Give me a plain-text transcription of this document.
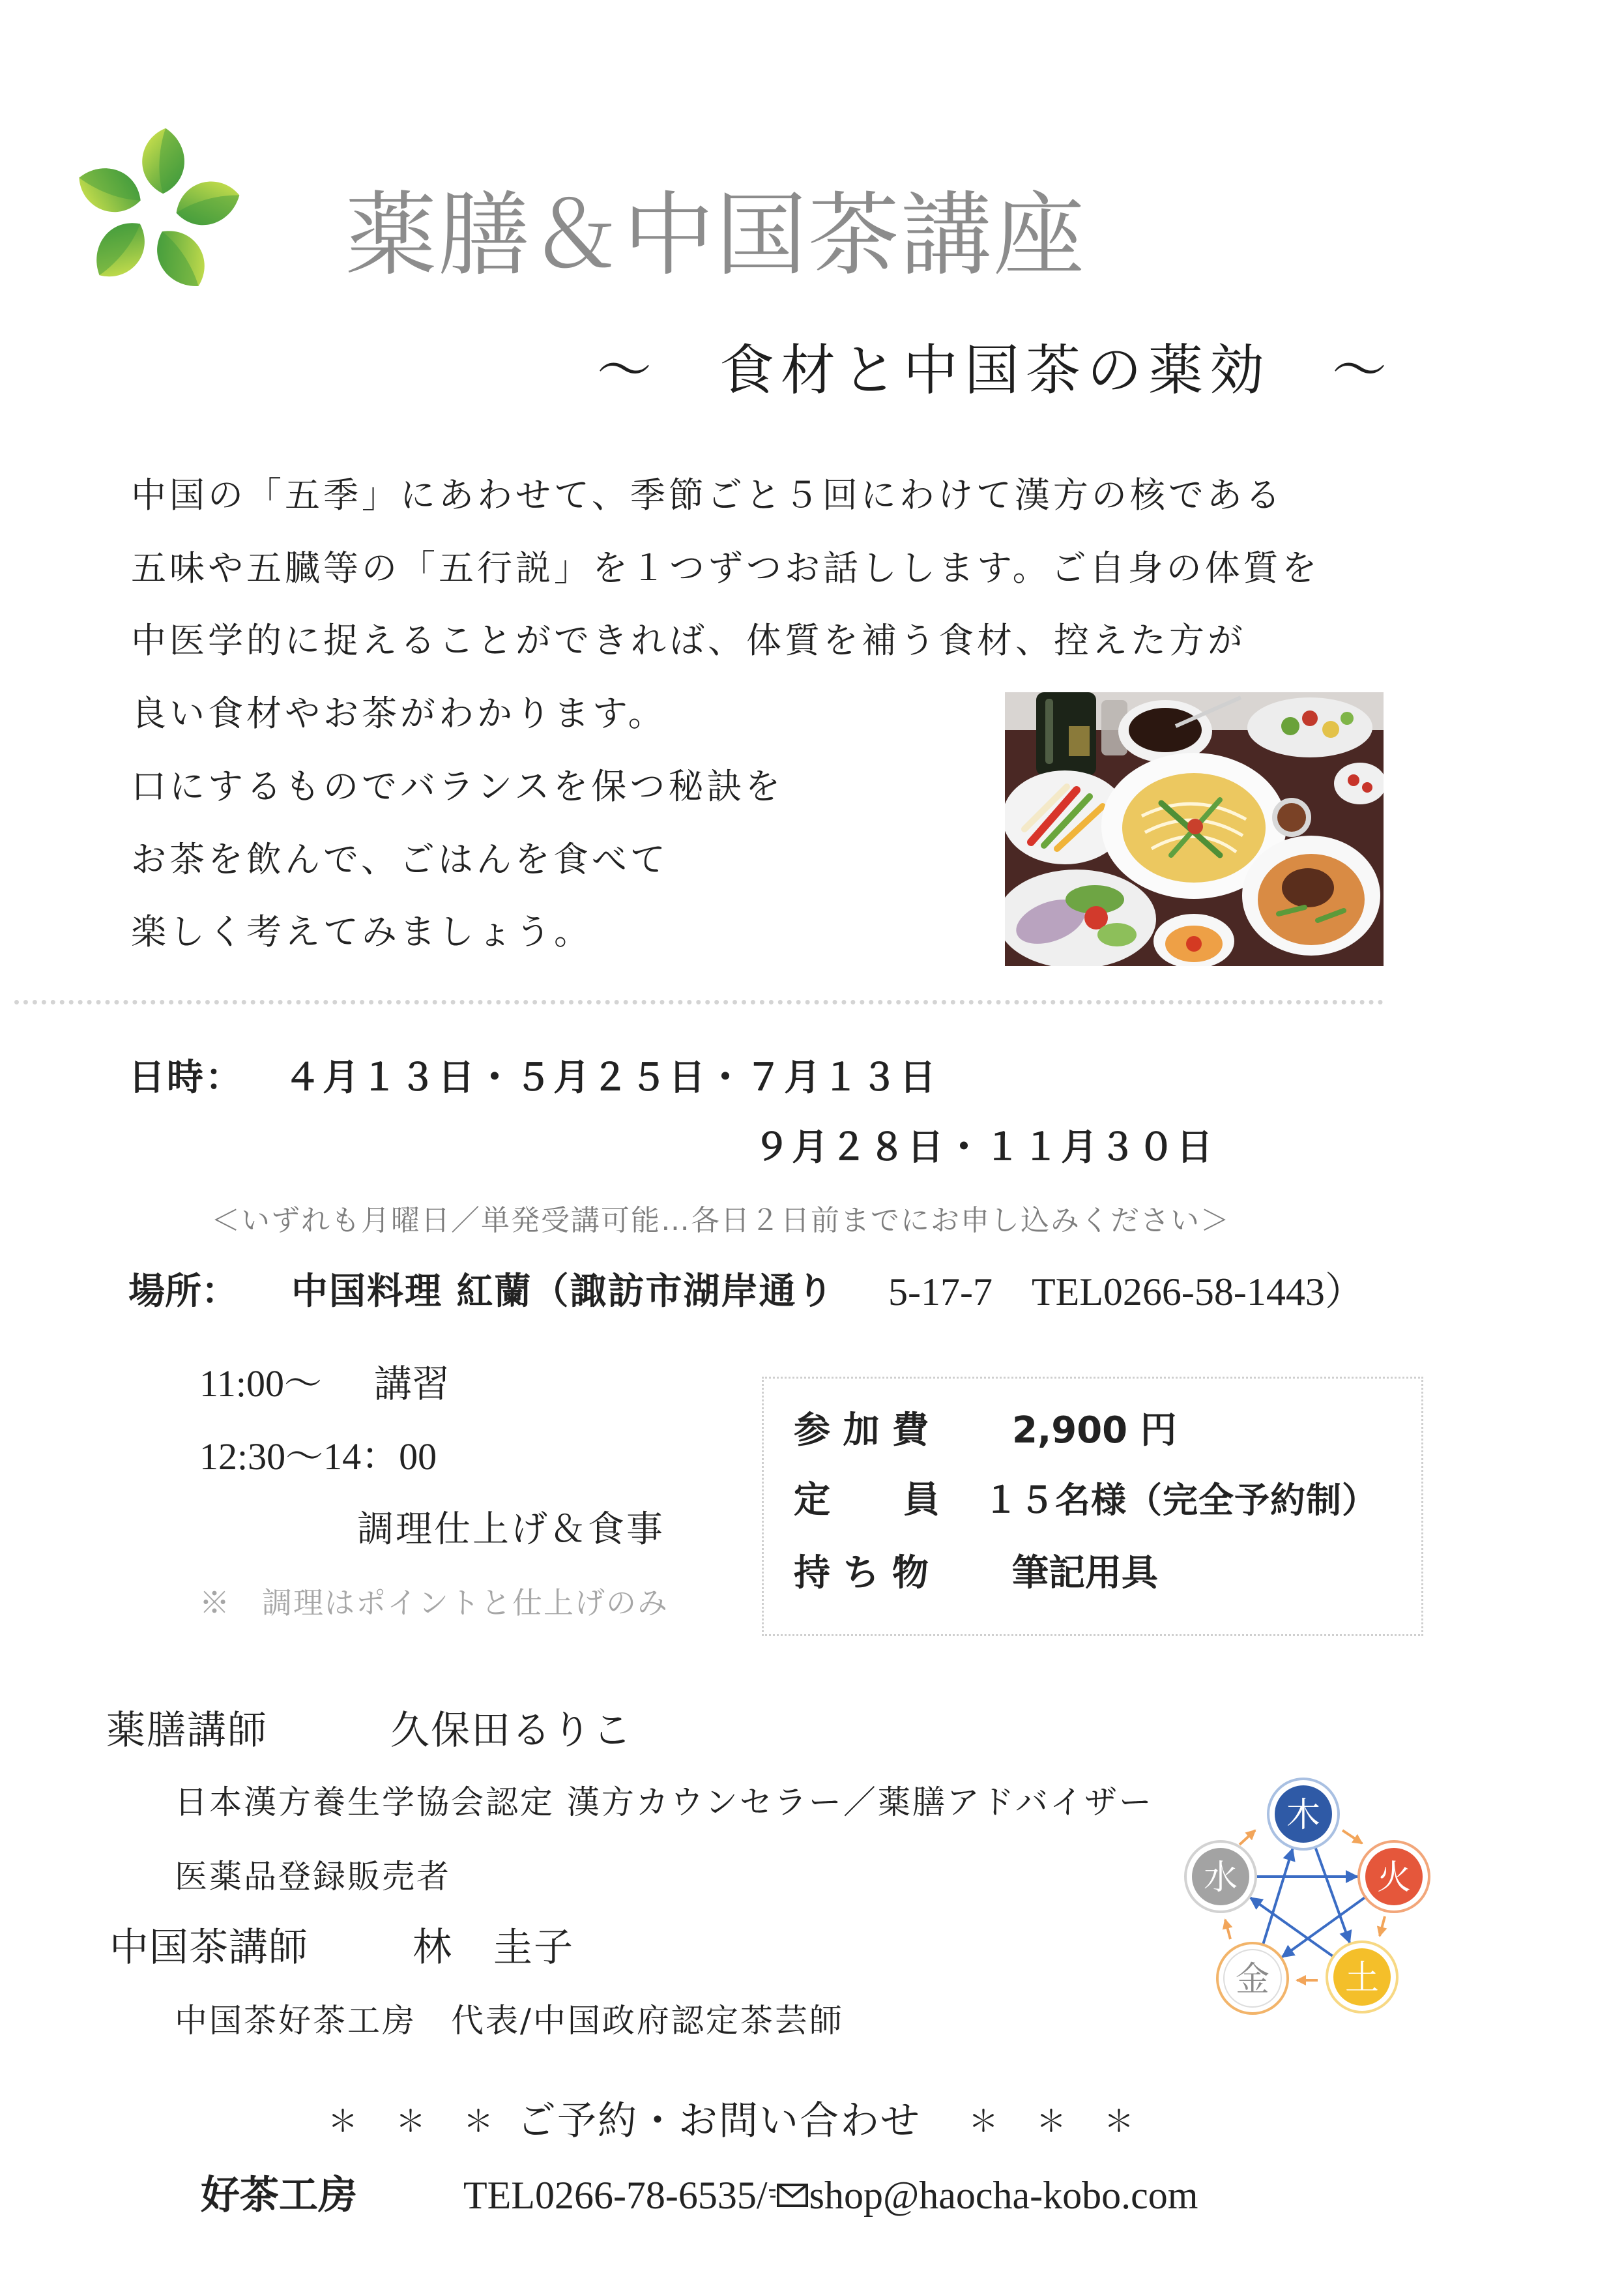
薬膳＆中国茶講座
～　食材と中国茶の薬効　～
中国の「五季」にあわせて、季節ごと５回にわけて漢方の核である
五味や五臓等の「五行説」を１つずつお話しします。ご自身の体質を
中医学的に捉えることができれば、体質を補う食材、控えた方が
良い食材やお茶がわかります。
口にするものでバランスを保つ秘訣を
お茶を飲んで、ごはんを食べて
楽しく考えてみましょう。
日時： ４月１３日・５月２５日・７月１３日
９月２８日・１１月３０日
＜いずれも月曜日／単発受講可能…各日２日前までにお申し込みください＞
場所： 中国料理 紅蘭（諏訪市湖岸通り 5-17-7　TEL0266-58-1443）
11:00～ 講習
12:30～14：00
調理仕上げ＆食事
※　調理はポイントと仕上げのみ
参 加 費 2,900 円
定　　員 １５名様（完全予約制）
持 ち 物 筆記用具
薬膳講師	久保田るりこ
日本漢方養生学協会認定 漢方カウンセラー／薬膳アドバイザー
医薬品登録販売者
中国茶講師	林　圭子
中国茶好茶工房　代表/中国政府認定茶芸師
木
火
土
金
水
＊　＊　＊ ご予約・お問い合わせ ＊　＊　＊
好茶工房	TEL0266-78-6535/ shop@haocha-kobo.com
